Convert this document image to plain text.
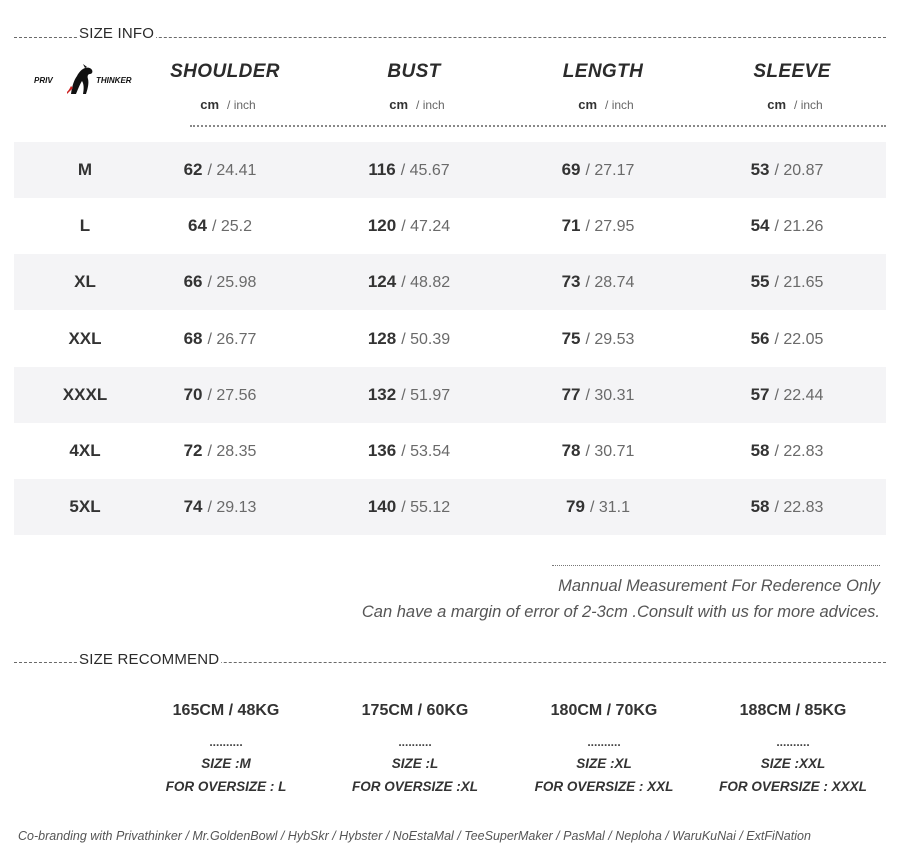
SIZE INFO
PRIV	THINKER	SHOULDER	BUST	LENGTH	SLEEVE
cm / inch	cm / inch	cm / inch	cm / inch
M	62 / 24.41	116 / 45.67	69 / 27.17	53 / 20.87
L	64 / 25.2	120 / 47.24	71 / 27.95	54 / 21.26
XL	66 / 25.98	124 / 48.82	73 / 28.74	55 / 21.65
XXL	68 / 26.77	128 / 50.39	75 / 29.53	56 / 22.05
XXXL	70 / 27.56	132 / 51.97	77 / 30.31	57 / 22.44
4XL	72 / 28.35	136 / 53.54	78 / 30.71	58 / 22.83
5XL	74 / 29.13	140 / 55.12	79 / 31.1	58 / 22.83
Mannual Measurement For Rederence Only
Can have a margin of error of 2-3cm .Consult with us for more advices.
SIZE RECOMMEND
165CM / 48KG
..........
SIZE :M
FOR OVERSIZE : L
175CM / 60KG
..........
SIZE :L
FOR OVERSIZE :XL
180CM / 70KG
..........
SIZE :XL
FOR OVERSIZE : XXL
188CM / 85KG
..........
SIZE :XXL
FOR OVERSIZE : XXXL
Co-branding with Privathinker / Mr.GoldenBowl / HybSkr / Hybster / NoEstaMal / TeeSuperMaker / PasMal / Neploha / WaruKuNai / ExtFiNation
